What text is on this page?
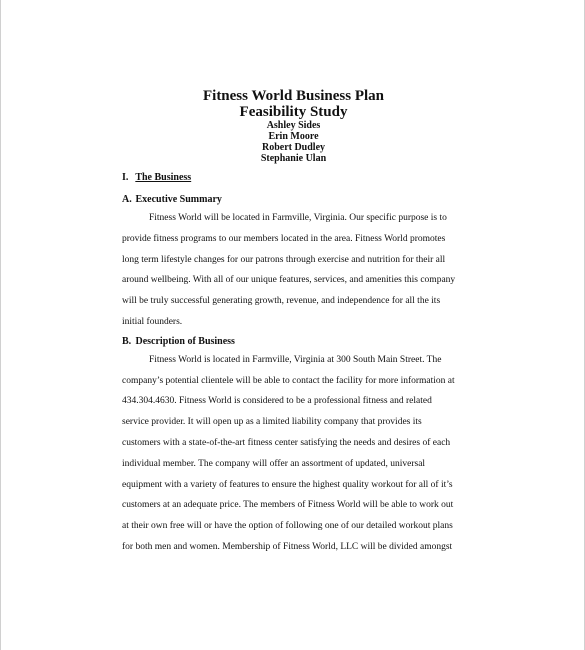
Fitness World Business Plan

Feasibility Study

Ashley Sides

Erin Moore

Robert Dudley

Stephanie Ulan

I. The Business

A. Executive Summary

Fitness World will be located in Farmville, Virginia. Our specific purpose is to
provide fitness programs to our members located in the area. Fitness World promotes
long term lifestyle changes for our patrons through exercise and nutrition for their all
around wellbeing. With all of our unique features, services, and amenities this company
will be truly successful generating growth, revenue, and independence for all the its
initial founders.

B. Description of Business

Fitness World is located in Farmville, Virginia at 300 South Main Street. The
company’s potential clientele will be able to contact the facility for more information at
434.304.4630. Fitness World is considered to be a professional fitness and related
service provider. It will open up as a limited liability company that provides its
customers with a state-of-the-art fitness center satisfying the needs and desires of each
individual member. The company will offer an assortment of updated, universal
equipment with a variety of features to ensure the highest quality workout for all of it’s
customers at an adequate price. The members of Fitness World will be able to work out
at their own free will or have the option of following one of our detailed workout plans
for both men and women. Membership of Fitness World, LLC will be divided amongst
